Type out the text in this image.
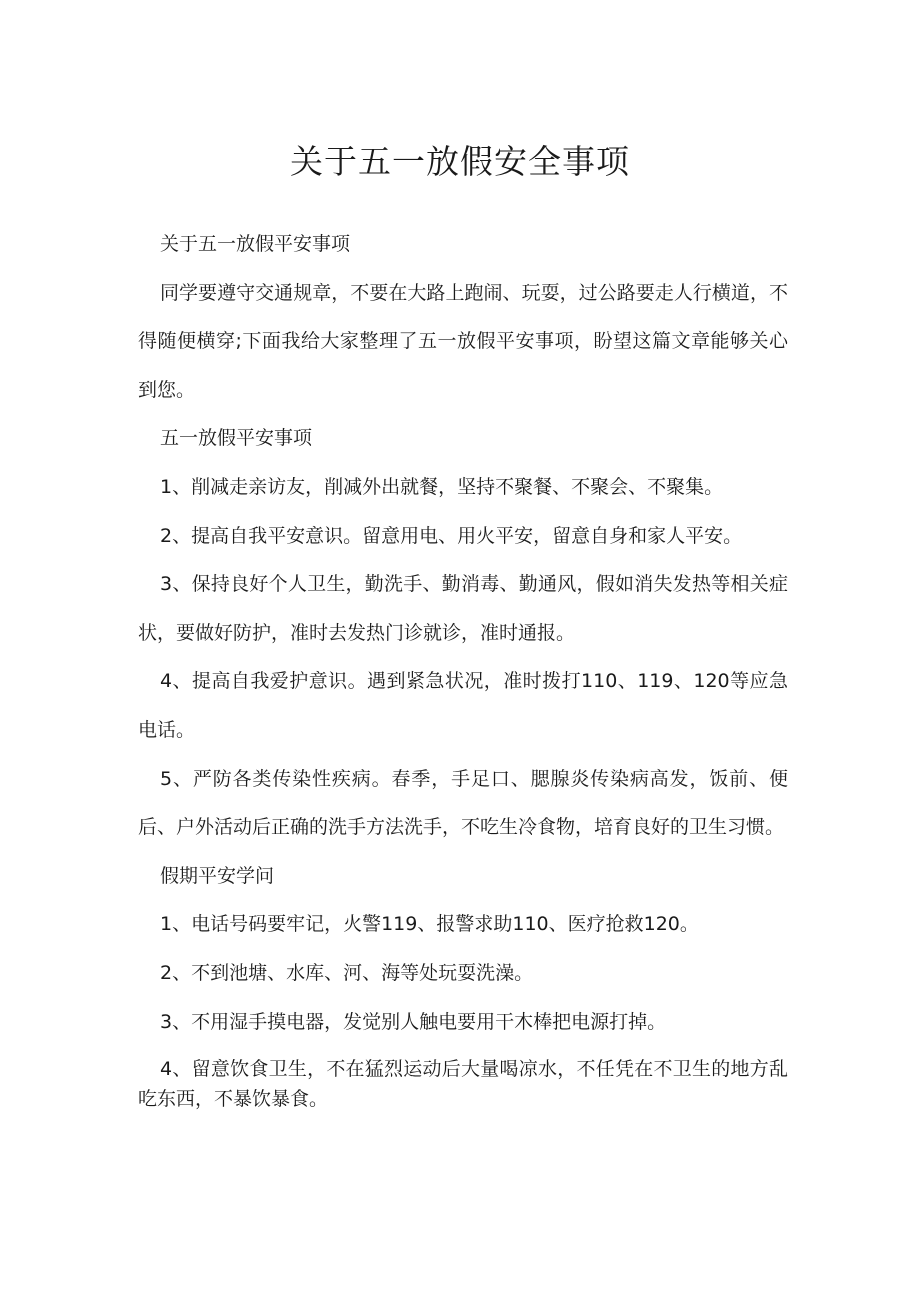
关于五一放假安全事项

关于五一放假平安事项

同学要遵守交通规章，不要在大路上跑闹、玩耍，过公路要走人行横道，不得随便横穿;下面我给大家整理了五一放假平安事项，盼望这篇文章能够关心到您。

五一放假平安事项

1、削减走亲访友，削减外出就餐，坚持不聚餐、不聚会、不聚集。

2、提高自我平安意识。留意用电、用火平安，留意自身和家人平安。

3、保持良好个人卫生，勤洗手、勤消毒、勤通风，假如消失发热等相关症状，要做好防护，准时去发热门诊就诊，准时通报。

4、提高自我爱护意识。遇到紧急状况，准时拨打110、119、120等应急电话。

5、严防各类传染性疾病。春季，手足口、腮腺炎传染病高发，饭前、便后、户外活动后正确的洗手方法洗手，不吃生冷食物，培育良好的卫生习惯。

假期平安学问

1、电话号码要牢记，火警119、报警求助110、医疗抢救120。

2、不到池塘、水库、河、海等处玩耍洗澡。

3、不用湿手摸电器，发觉别人触电要用干木棒把电源打掉。

4、留意饮食卫生，不在猛烈运动后大量喝凉水，不任凭在不卫生的地方乱吃东西，不暴饮暴食。
